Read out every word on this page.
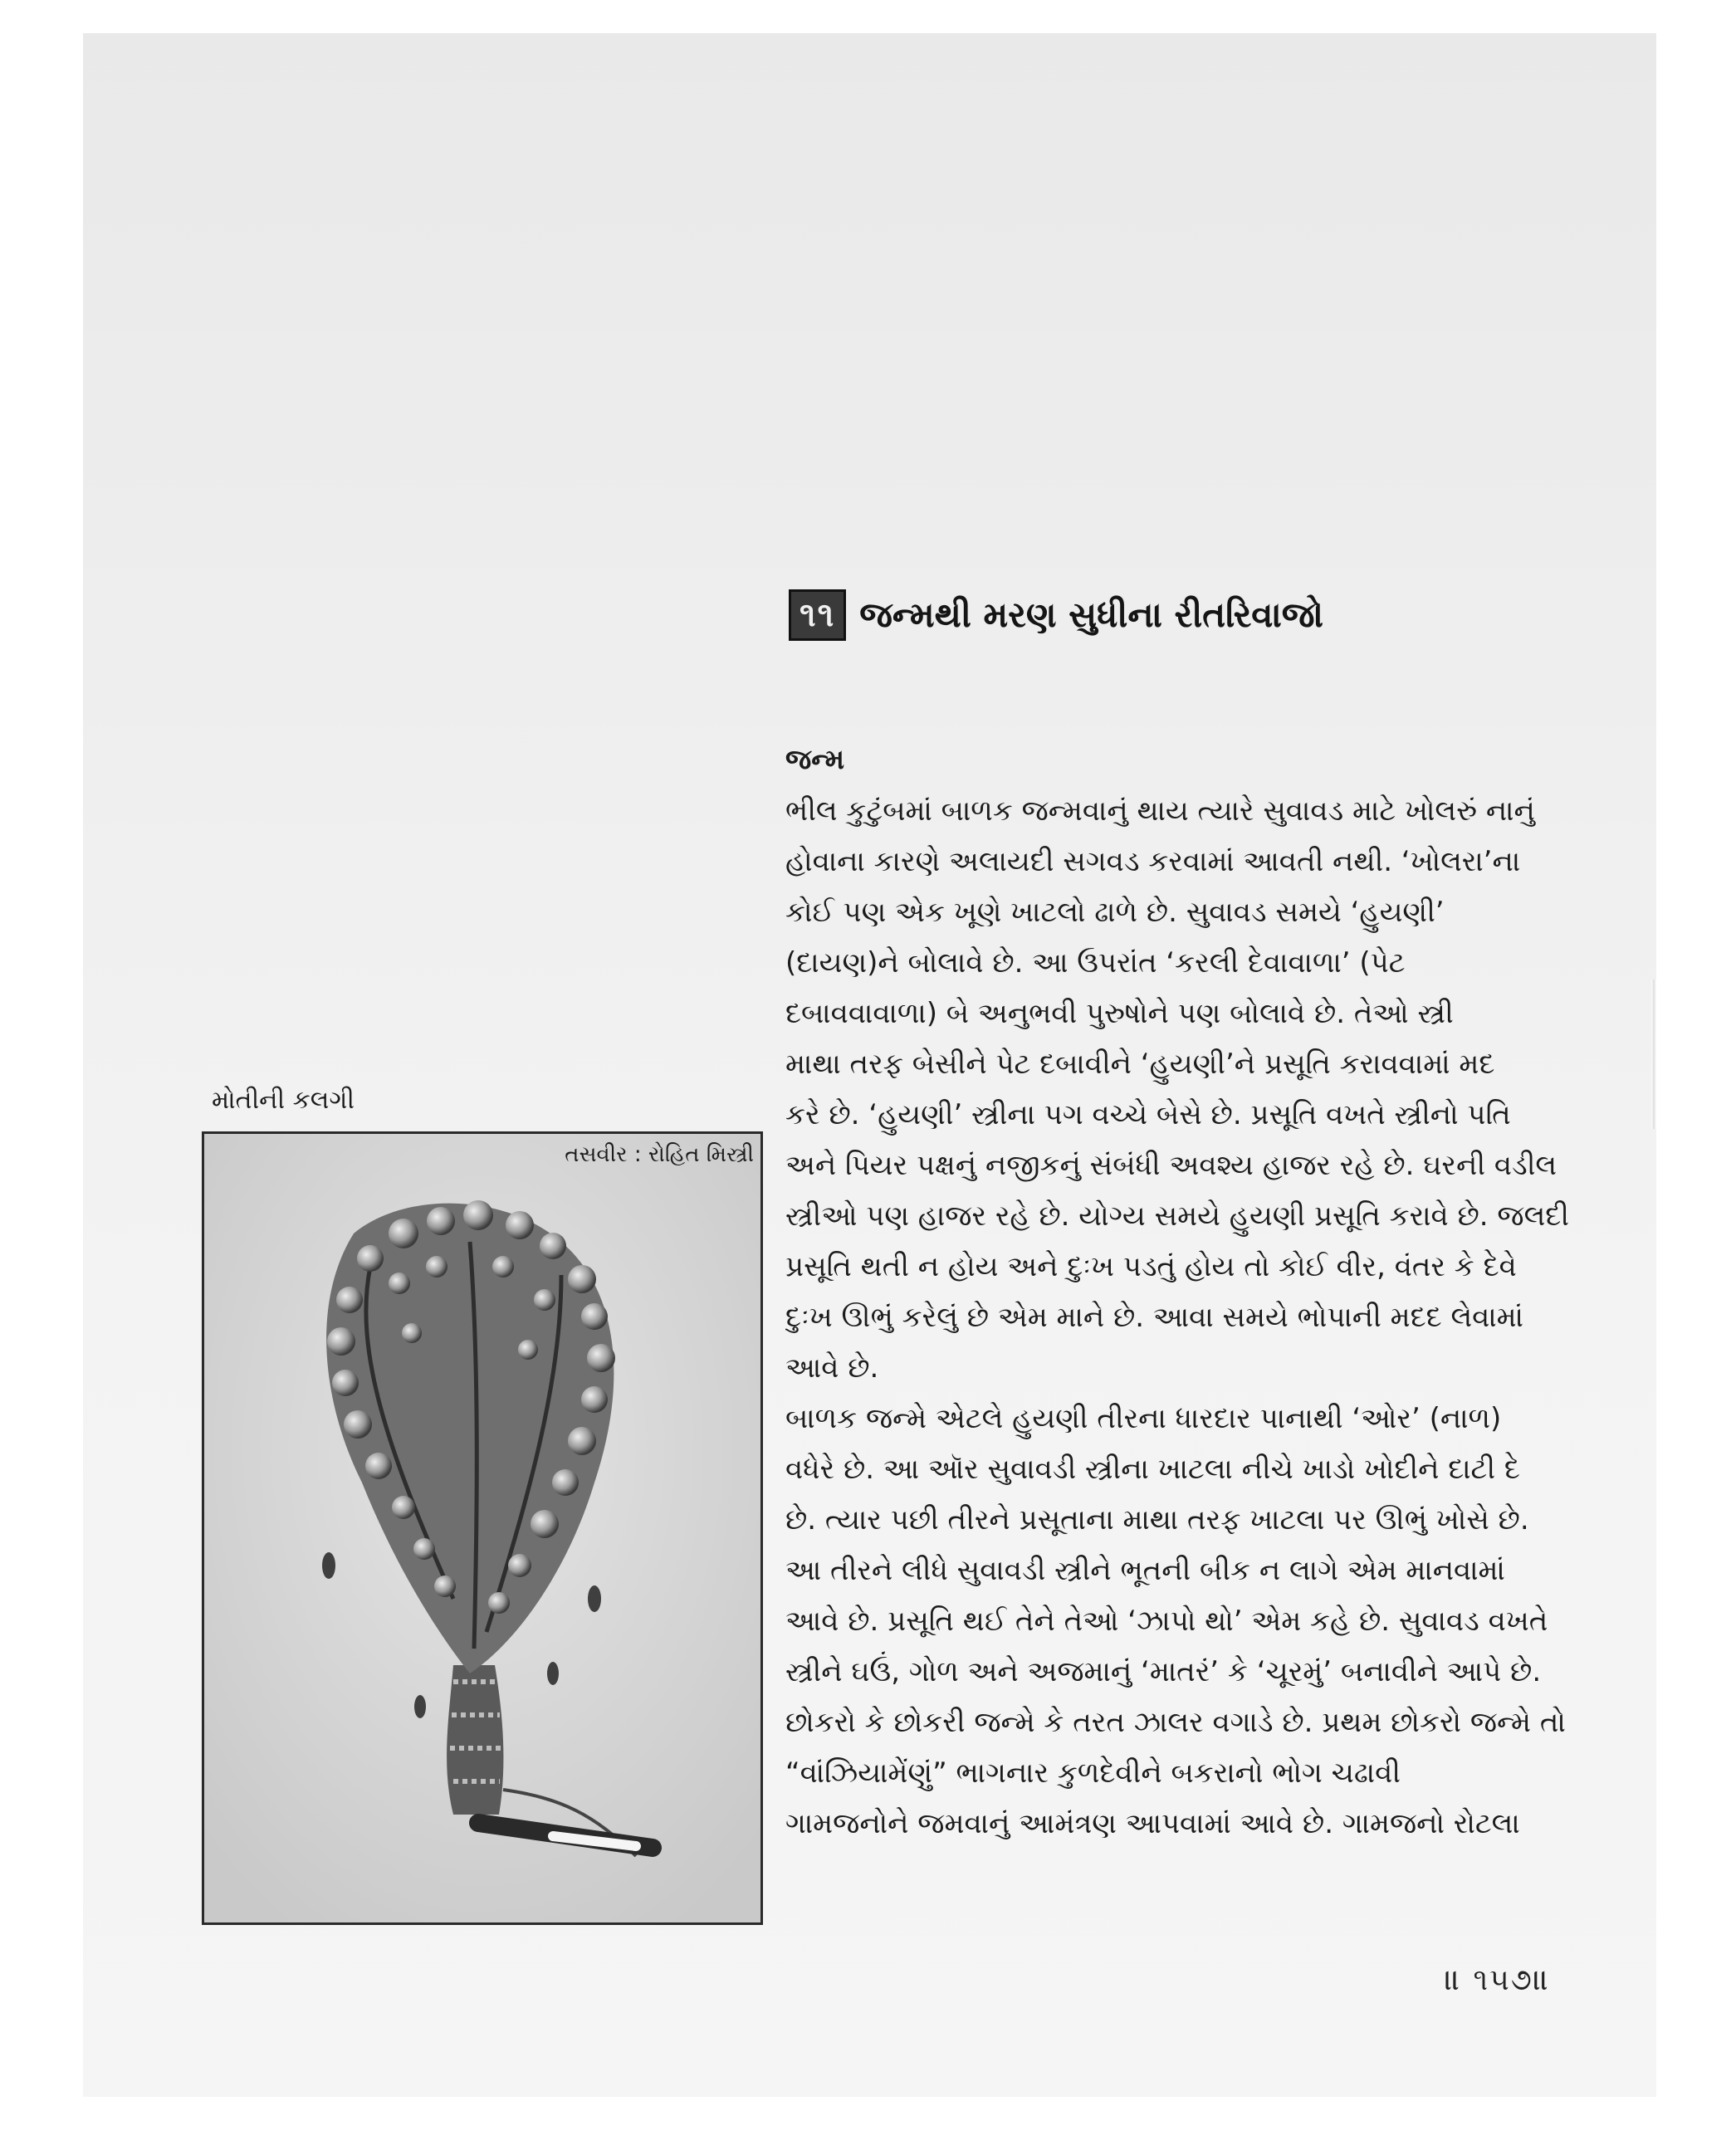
૧૧ જન્મથી મરણ સુધીના રીતરિવાજો
જન્મ
ભીલ કુટુંબમાં બાળક જન્મવાનું થાય ત્યારે સુવાવડ માટે ખોલરું નાનું
હોવાના કારણે અલાયદી સગવડ કરવામાં આવતી નથી. ‘ખોલરા’ના
કોઈ પણ એક ખૂણે ખાટલો ઢાળે છે. સુવાવડ સમયે ‘હુયણી’
(દાયણ)ને બોલાવે છે. આ ઉપરાંત ‘કરલી દેવાવાળા’ (પેટ
દબાવવાવાળા) બે અનુભવી પુરુષોને પણ બોલાવે છે. તેઓ સ્ત્રી
માથા તરફ બેસીને પેટ દબાવીને ‘હુયણી’ને પ્રસૂતિ કરાવવામાં મદ
કરે છે. ‘હુયણી’ સ્ત્રીના પગ વચ્ચે બેસે છે. પ્રસૂતિ વખતે સ્ત્રીનો પતિ
અને પિયર પક્ષનું નજીકનું સંબંધી અવશ્ય હાજર રહે છે. ઘરની વડીલ
સ્ત્રીઓ પણ હાજર રહે છે. યોગ્ય સમયે હુયણી પ્રસૂતિ કરાવે છે. જલદી
પ્રસૂતિ થતી ન હોય અને દુઃખ પડતું હોય તો કોઈ વીર, વંતર કે દેવે
દુઃખ ઊભું કરેલું છે એમ માને છે. આવા સમયે ભોપાની મદદ લેવામાં
આવે છે.
બાળક જન્મે એટલે હુયણી તીરના ધારદાર પાનાથી ‘ઓર’ (નાળ)
વધેરે છે. આ ઑર સુવાવડી સ્ત્રીના ખાટલા નીચે ખાડો ખોદીને દાટી દે
છે. ત્યાર પછી તીરને પ્રસૂતાના માથા તરફ ખાટલા પર ઊભું ખોસે છે.
આ તીરને લીધે સુવાવડી સ્ત્રીને ભૂતની બીક ન લાગે એમ માનવામાં
આવે છે. પ્રસૂતિ થઈ તેને તેઓ ‘ઝાપો થો’ એમ કહે છે. સુવાવડ વખતે
સ્ત્રીને ઘઉં, ગોળ અને અજમાનું ‘માતરં’ કે ‘ચૂરમું’ બનાવીને આપે છે.
છોકરો કે છોકરી જન્મે કે તરત ઝાલર વગાડે છે. પ્રથમ છોકરો જન્મે તો
“વાંઝિયામેંણું” ભાગનાર કુળદેવીને બકરાનો ભોગ ચઢાવી
ગામજનોને જમવાનું આમંત્રણ આપવામાં આવે છે. ગામજનો રોટલા
મોતીની કલગી
તસવીર : રોહિત મિસ્ત્રી
॥ ૧૫૭॥
